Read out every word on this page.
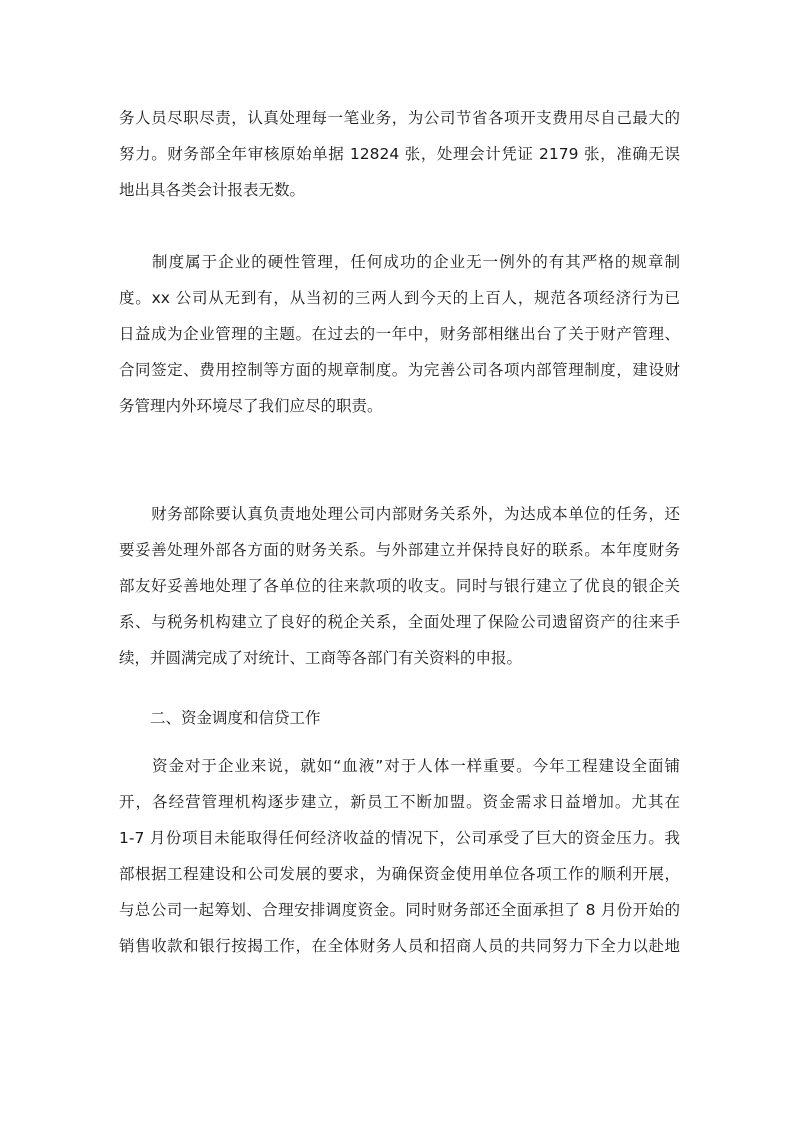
务人员尽职尽责，认真处理每一笔业务，为公司节省各项开支费用尽自己最大的
努力。财务部全年审核原始单据 12824 张，处理会计凭证 2179 张，准确无误
地出具各类会计报表无数。
　　制度属于企业的硬性管理，任何成功的企业无一例外的有其严格的规章制
度。xx 公司从无到有，从当初的三两人到今天的上百人，规范各项经济行为已
日益成为企业管理的主题。在过去的一年中，财务部相继出台了关于财产管理、
合同签定、费用控制等方面的规章制度。为完善公司各项内部管理制度，建设财
务管理内外环境尽了我们应尽的职责。
　　财务部除要认真负责地处理公司内部财务关系外，为达成本单位的任务，还
要妥善处理外部各方面的财务关系。与外部建立并保持良好的联系。本年度财务
部友好妥善地处理了各单位的往来款项的收支。同时与银行建立了优良的银企关
系、与税务机构建立了良好的税企关系，全面处理了保险公司遗留资产的往来手
续，并圆满完成了对统计、工商等各部门有关资料的申报。
　　二、资金调度和信贷工作
　　资金对于企业来说，就如“血液”对于人体一样重要。今年工程建设全面铺
开，各经营管理机构逐步建立，新员工不断加盟。资金需求日益增加。尤其在
1-7 月份项目未能取得任何经济收益的情况下，公司承受了巨大的资金压力。我
部根据工程建设和公司发展的要求，为确保资金使用单位各项工作的顺利开展，
与总公司一起筹划、合理安排调度资金。同时财务部还全面承担了 8 月份开始的
销售收款和银行按揭工作，在全体财务人员和招商人员的共同努力下全力以赴地
